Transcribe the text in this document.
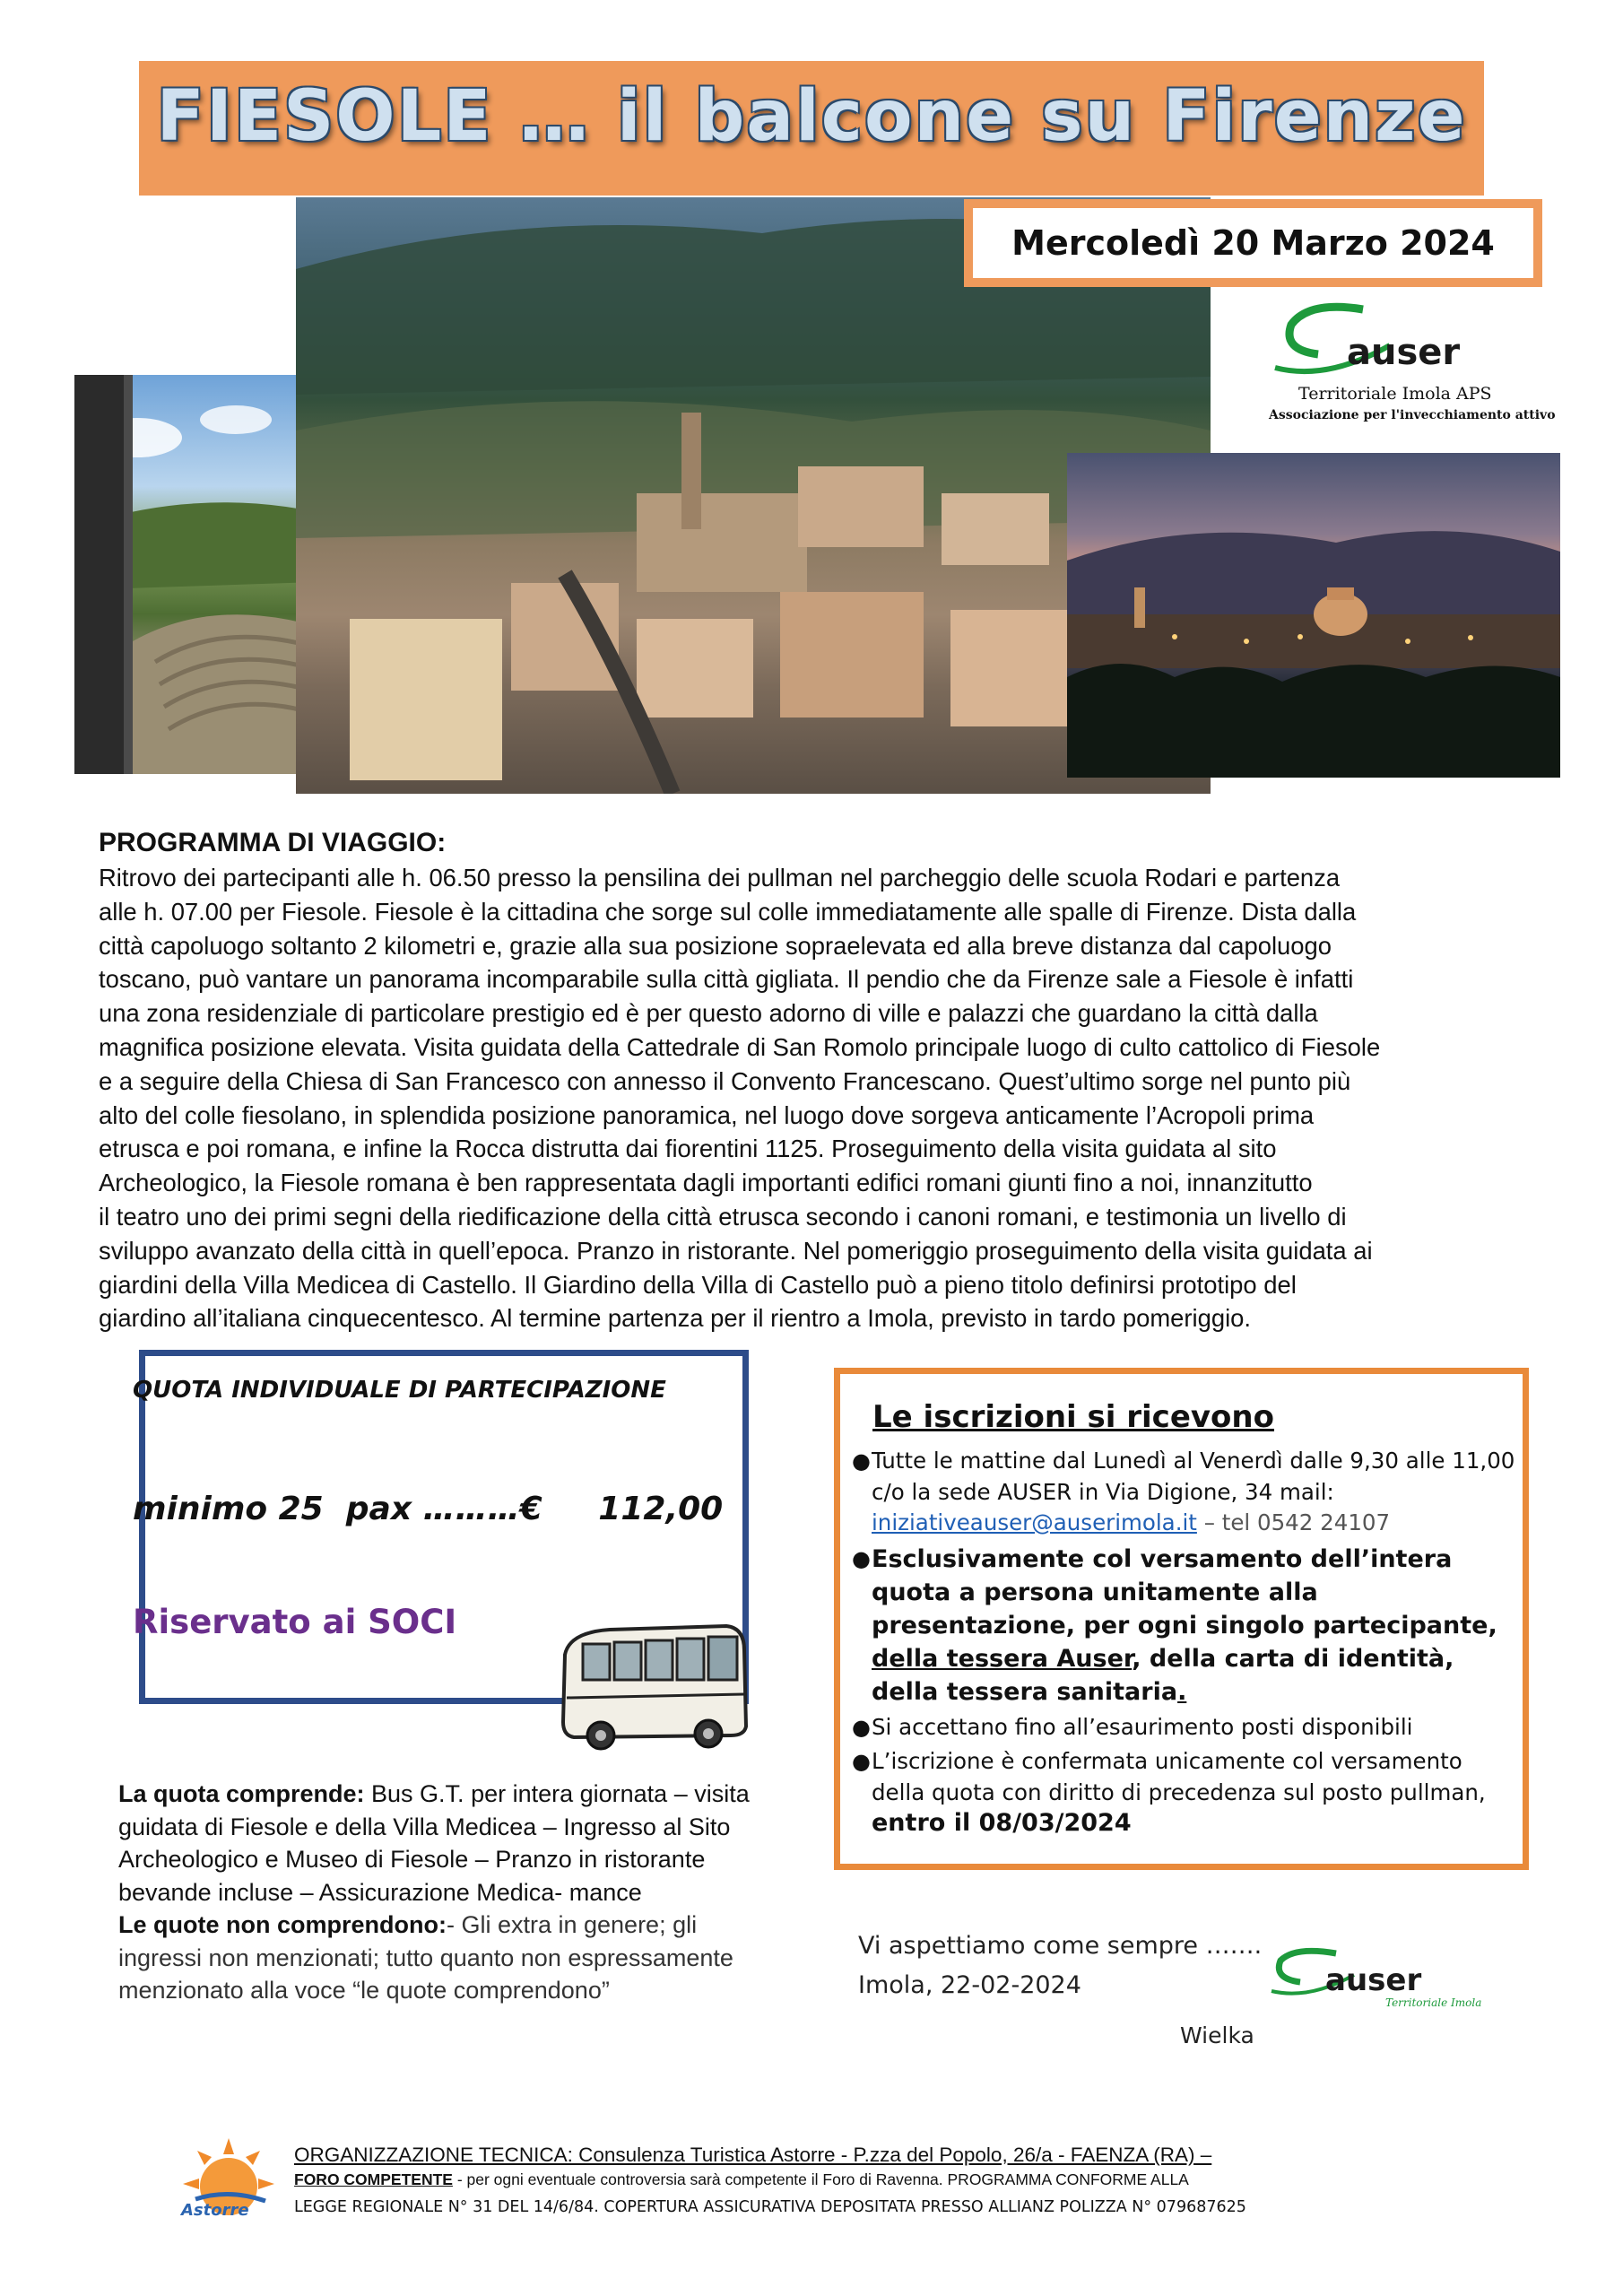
FIESOLE … il balcone su Firenze
Mercoledì 20 Marzo 2024
auser
Territoriale Imola APS
Associazione per l'invecchiamento attivo
PROGRAMMA DI VIAGGIO:
Ritrovo dei partecipanti alle h. 06.50 presso la pensilina dei pullman nel parcheggio delle scuola Rodari e partenza
alle h. 07.00 per Fiesole. Fiesole è la cittadina che sorge sul colle immediatamente alle spalle di Firenze. Dista dalla
città capoluogo soltanto 2 kilometri e, grazie alla sua posizione sopraelevata ed alla breve distanza dal capoluogo
toscano, può vantare un panorama incomparabile sulla città gigliata. Il pendio che da Firenze sale a Fiesole è infatti
una zona residenziale di particolare prestigio ed è per questo adorno di ville e palazzi che guardano la città dalla
magnifica posizione elevata. Visita guidata della Cattedrale di San Romolo principale luogo di culto cattolico di Fiesole
e a seguire della Chiesa di San Francesco con annesso il Convento Francescano. Quest’ultimo sorge nel punto più
alto del colle fiesolano, in splendida posizione panoramica, nel luogo dove sorgeva anticamente l’Acropoli prima
etrusca e poi romana, e infine la Rocca distrutta dai fiorentini 1125. Proseguimento della visita guidata al sito
Archeologico, la Fiesole romana è ben rappresentata dagli importanti edifici romani giunti fino a noi, innanzitutto
il teatro uno dei primi segni della riedificazione della città etrusca secondo i canoni romani, e testimonia un livello di
sviluppo avanzato della città in quell’epoca. Pranzo in ristorante. Nel pomeriggio proseguimento della visita guidata ai
giardini della Villa Medicea di Castello. Il Giardino della Villa di Castello può a pieno titolo definirsi prototipo del
giardino all’italiana cinquecentesco. Al termine partenza per il rientro a Imola, previsto in tardo pomeriggio.
QUOTA INDIVIDUALE DI PARTECIPAZIONE
minimo 25  pax ………€     112,00
Riservato ai SOCI
Le iscrizioni si ricevono
● Tutte le mattine dal Lunedì al Venerdì dalle 9,30 alle 11,00 c/o la sede AUSER in Via Digione, 34 mail: iniziativeauser@auserimola.it – tel 0542 24107
● Esclusivamente col versamento dell’intera quota a persona unitamente alla presentazione, per ogni singolo partecipante, della tessera Auser, della carta di identità, della tessera sanitaria.
● Si accettano fino all’esaurimento posti disponibili
● L’iscrizione è confermata unicamente col versamento della quota con diritto di precedenza sul posto pullman, entro il 08/03/2024
La quota comprende: Bus G.T. per intera giornata – visita guidata di Fiesole e della Villa Medicea – Ingresso al Sito Archeologico e Museo di Fiesole – Pranzo in ristorante bevande incluse – Assicurazione Medica- mance
Le quote non comprendono:- Gli extra in genere; gli ingressi non menzionati; tutto quanto non espressamente menzionato alla voce “le quote comprendono”
Vi aspettiamo come sempre …….
Imola, 22-02-2024	auser
Territoriale Imola
Wielka
Astorre
ORGANIZZAZIONE TECNICA: Consulenza Turistica Astorre - P.zza del Popolo, 26/a - FAENZA (RA) –
FORO COMPETENTE - per ogni eventuale controversia sarà competente il Foro di Ravenna. PROGRAMMA CONFORME ALLA
LEGGE REGIONALE N° 31 DEL 14/6/84. COPERTURA ASSICURATIVA DEPOSITATA PRESSO ALLIANZ POLIZZA N° 079687625
